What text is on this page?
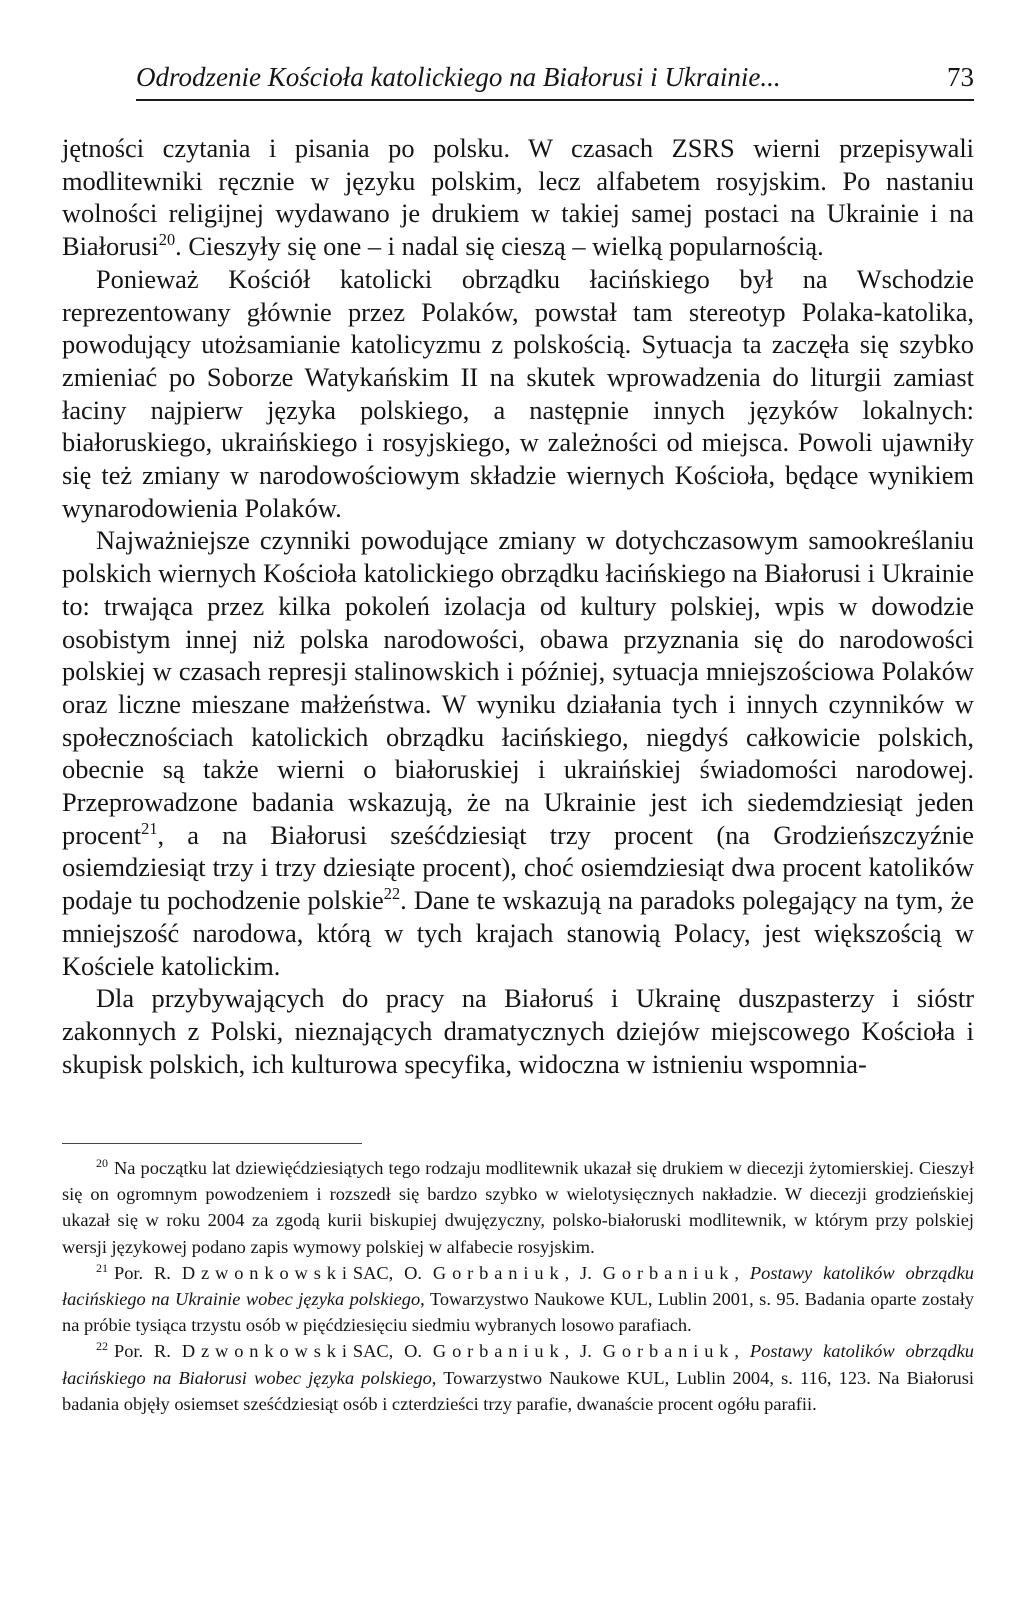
Odrodzenie Kościoła katolickiego na Białorusi i Ukrainie...	73

jętności czytania i pisania po polsku. W czasach ZSRS wierni przepisywali modlitewniki ręcznie w języku polskim, lecz alfabetem rosyjskim. Po nastaniu wolności religijnej wydawano je drukiem w takiej samej postaci na Ukrainie i na Białorusi$^{20}$. Cieszyły się one – i nadal się cieszą – wielką popularnością.

Ponieważ Kościół katolicki obrządku łacińskiego był na Wschodzie reprezentowany głównie przez Polaków, powstał tam stereotyp Polaka-katolika, powodujący utożsamianie katolicyzmu z polskością. Sytuacja ta zaczęła się szybko zmieniać po Soborze Watykańskim II na skutek wprowadzenia do liturgii zamiast łaciny najpierw języka polskiego, a następnie innych języków lokalnych: białoruskiego, ukraińskiego i rosyjskiego, w zależności od miejsca. Powoli ujawniły się też zmiany w narodowościowym składzie wiernych Kościoła, będące wynikiem wynarodowienia Polaków.

Najważniejsze czynniki powodujące zmiany w dotychczasowym samookreślaniu polskich wiernych Kościoła katolickiego obrządku łacińskiego na Białorusi i Ukrainie to: trwająca przez kilka pokoleń izolacja od kultury polskiej, wpis w dowodzie osobistym innej niż polska narodowości, obawa przyznania się do narodowości polskiej w czasach represji stalinowskich i później, sytuacja mniejszościowa Polaków oraz liczne mieszane małżeństwa. W wyniku działania tych i innych czynników w społecznościach katolickich obrządku łacińskiego, niegdyś całkowicie polskich, obecnie są także wierni o białoruskiej i ukraińskiej świadomości narodowej. Przeprowadzone badania wskazują, że na Ukrainie jest ich siedemdziesiąt jeden procent$^{21}$, a na Białorusi sześćdziesiąt trzy procent (na Grodzieńszczyźnie osiemdziesiąt trzy i trzy dziesiąte procent), choć osiemdziesiąt dwa procent katolików podaje tu pochodzenie polskie$^{22}$. Dane te wskazują na paradoks polegający na tym, że mniejszość narodowa, którą w tych krajach stanowią Polacy, jest większością w Kościele katolickim.

Dla przybywających do pracy na Białoruś i Ukrainę duszpasterzy i sióstr zakonnych z Polski, nieznających dramatycznych dziejów miejscowego Kościoła i skupisk polskich, ich kulturowa specyfika, widoczna w istnieniu wspomnia-

$^{20}$ Na początku lat dziewięćdziesiątych tego rodzaju modlitewnik ukazał się drukiem w diecezji żytomierskiej. Cieszył się on ogromnym powodzeniem i rozszedł się bardzo szybko w wielotysięcznych nakładzie. W diecezji grodzieńskiej ukazał się w roku 2004 za zgodą kurii biskupiej dwujęzyczny, polsko-białoruski modlitewnik, w którym przy polskiej wersji językowej podano zapis wymowy polskiej w alfabecie rosyjskim.

$^{21}$ Por. R. DzwonkowskiSAC, O. Gorbaniuk, J. Gorbaniuk, Postawy katolików obrządku łacińskiego na Ukrainie wobec języka polskiego, Towarzystwo Naukowe KUL, Lublin 2001, s. 95. Badania oparte zostały na próbie tysiąca trzystu osób w pięćdziesięciu siedmiu wybranych losowo parafiach.

$^{22}$ Por. R. DzwonkowskiSAC, O. Gorbaniuk, J. Gorbaniuk, Postawy katolików obrządku łacińskiego na Białorusi wobec języka polskiego, Towarzystwo Naukowe KUL, Lublin 2004, s. 116, 123. Na Białorusi badania objęły osiemset sześćdziesiąt osób i czterdzieści trzy parafie, dwanaście procent ogółu parafii.
